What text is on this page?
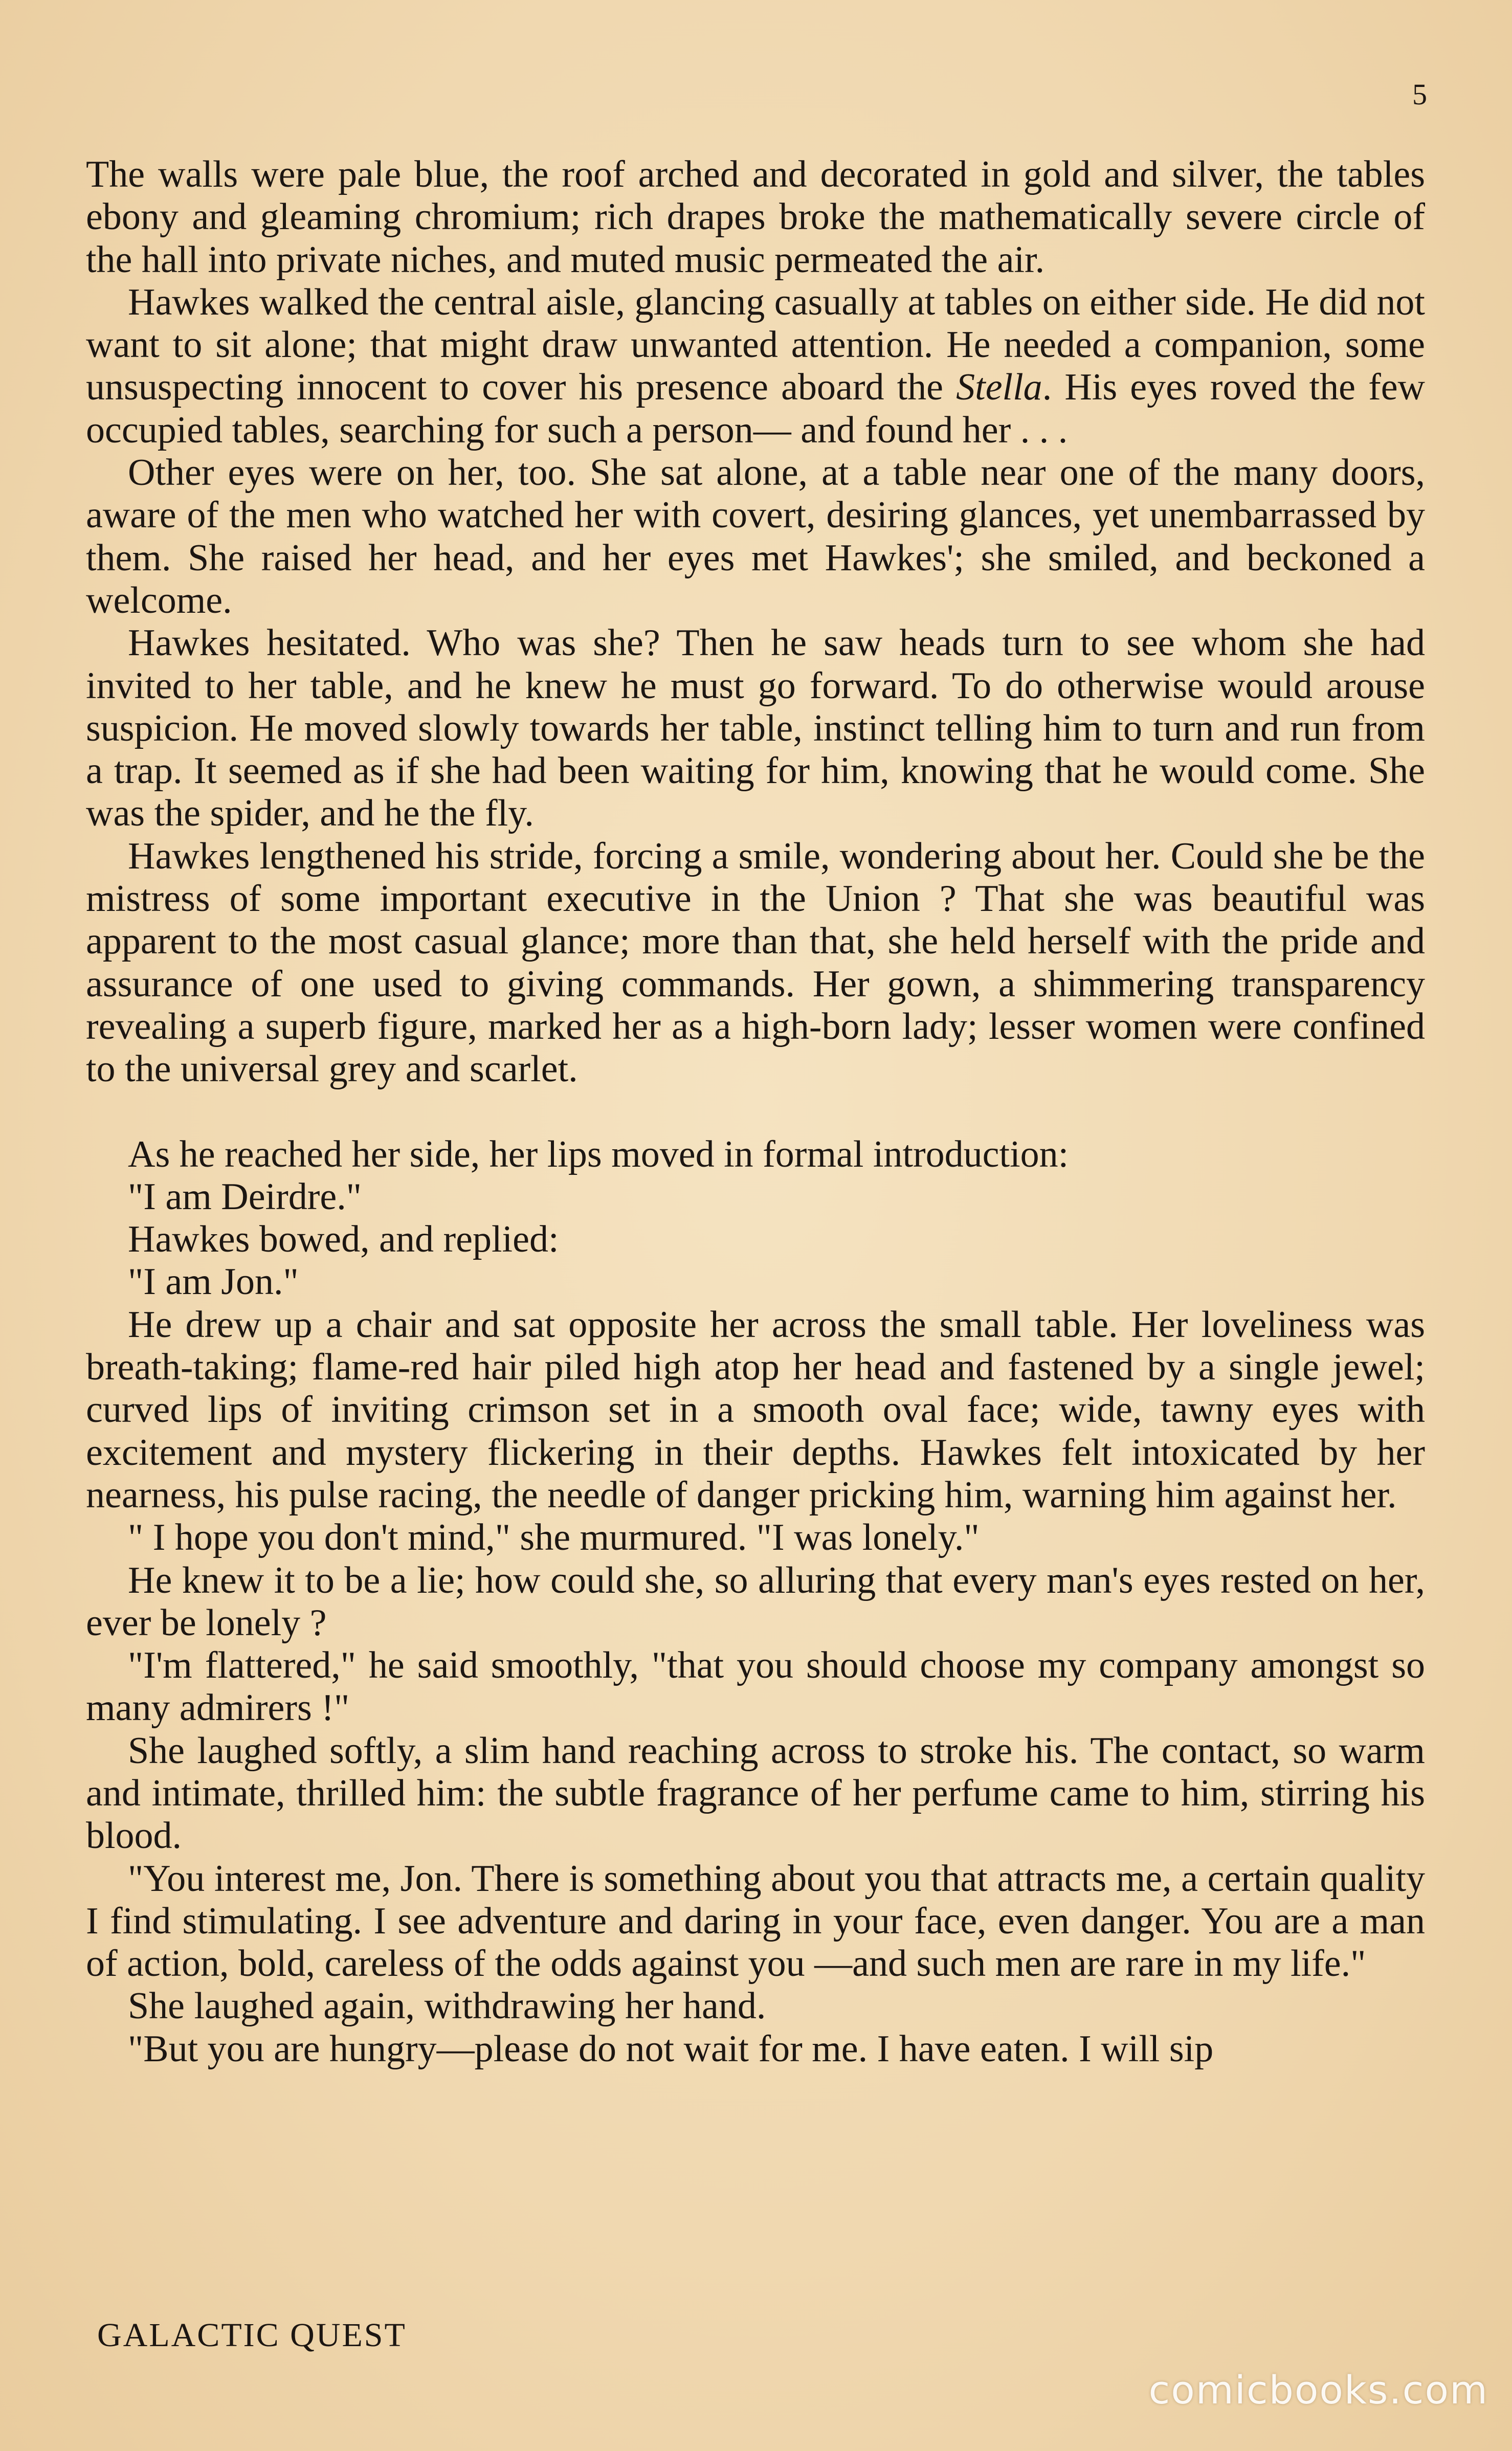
5

The walls were pale blue, the roof arched and decorated in gold and silver, the tables ebony and gleaming chromium; rich drapes broke the mathematically severe circle of the hall into private niches, and muted music permeated the air.

Hawkes walked the central aisle, glancing casually at tables on either side. He did not want to sit alone; that might draw unwanted attention. He needed a companion, some unsuspecting innocent to cover his presence aboard the Stella. His eyes roved the few occupied tables, searching for such a person— and found her . . .

Other eyes were on her, too. She sat alone, at a table near one of the many doors, aware of the men who watched her with covert, desiring glances, yet unembarrassed by them. She raised her head, and her eyes met Hawkes'; she smiled, and beckoned a welcome.

Hawkes hesitated. Who was she? Then he saw heads turn to see whom she had invited to her table, and he knew he must go forward. To do otherwise would arouse suspicion. He moved slowly towards her table, instinct telling him to turn and run from a trap. It seemed as if she had been waiting for him, knowing that he would come. She was the spider, and he the fly.

Hawkes lengthened his stride, forcing a smile, wondering about her. Could she be the mistress of some important executive in the Union ? That she was beautiful was apparent to the most casual glance; more than that, she held herself with the pride and assurance of one used to giving commands. Her gown, a shimmering transparency revealing a superb figure, marked her as a high-born lady; lesser women were confined to the universal grey and scarlet.

As he reached her side, her lips moved in formal introduction:

"I am Deirdre."

Hawkes bowed, and replied:

"I am Jon."

He drew up a chair and sat opposite her across the small table. Her loveliness was breath-taking; flame-red hair piled high atop her head and fastened by a single jewel; curved lips of inviting crimson set in a smooth oval face; wide, tawny eyes with excitement and mystery flickering in their depths. Hawkes felt intoxicated by her nearness, his pulse racing, the needle of danger pricking him, warning him against her.

" I hope you don't mind," she murmured. "I was lonely."

He knew it to be a lie; how could she, so alluring that every man's eyes rested on her, ever be lonely ?

"I'm flattered," he said smoothly, "that you should choose my company amongst so many admirers !"

She laughed softly, a slim hand reaching across to stroke his. The contact, so warm and intimate, thrilled him: the subtle fragrance of her perfume came to him, stirring his blood.

"You interest me, Jon. There is something about you that attracts me, a certain quality I find stimulating. I see adventure and daring in your face, even danger. You are a man of action, bold, careless of the odds against you —and such men are rare in my life."

She laughed again, withdrawing her hand.

"But you are hungry—please do not wait for me. I have eaten. I will sip

GALACTIC QUEST
comicbooks.com
